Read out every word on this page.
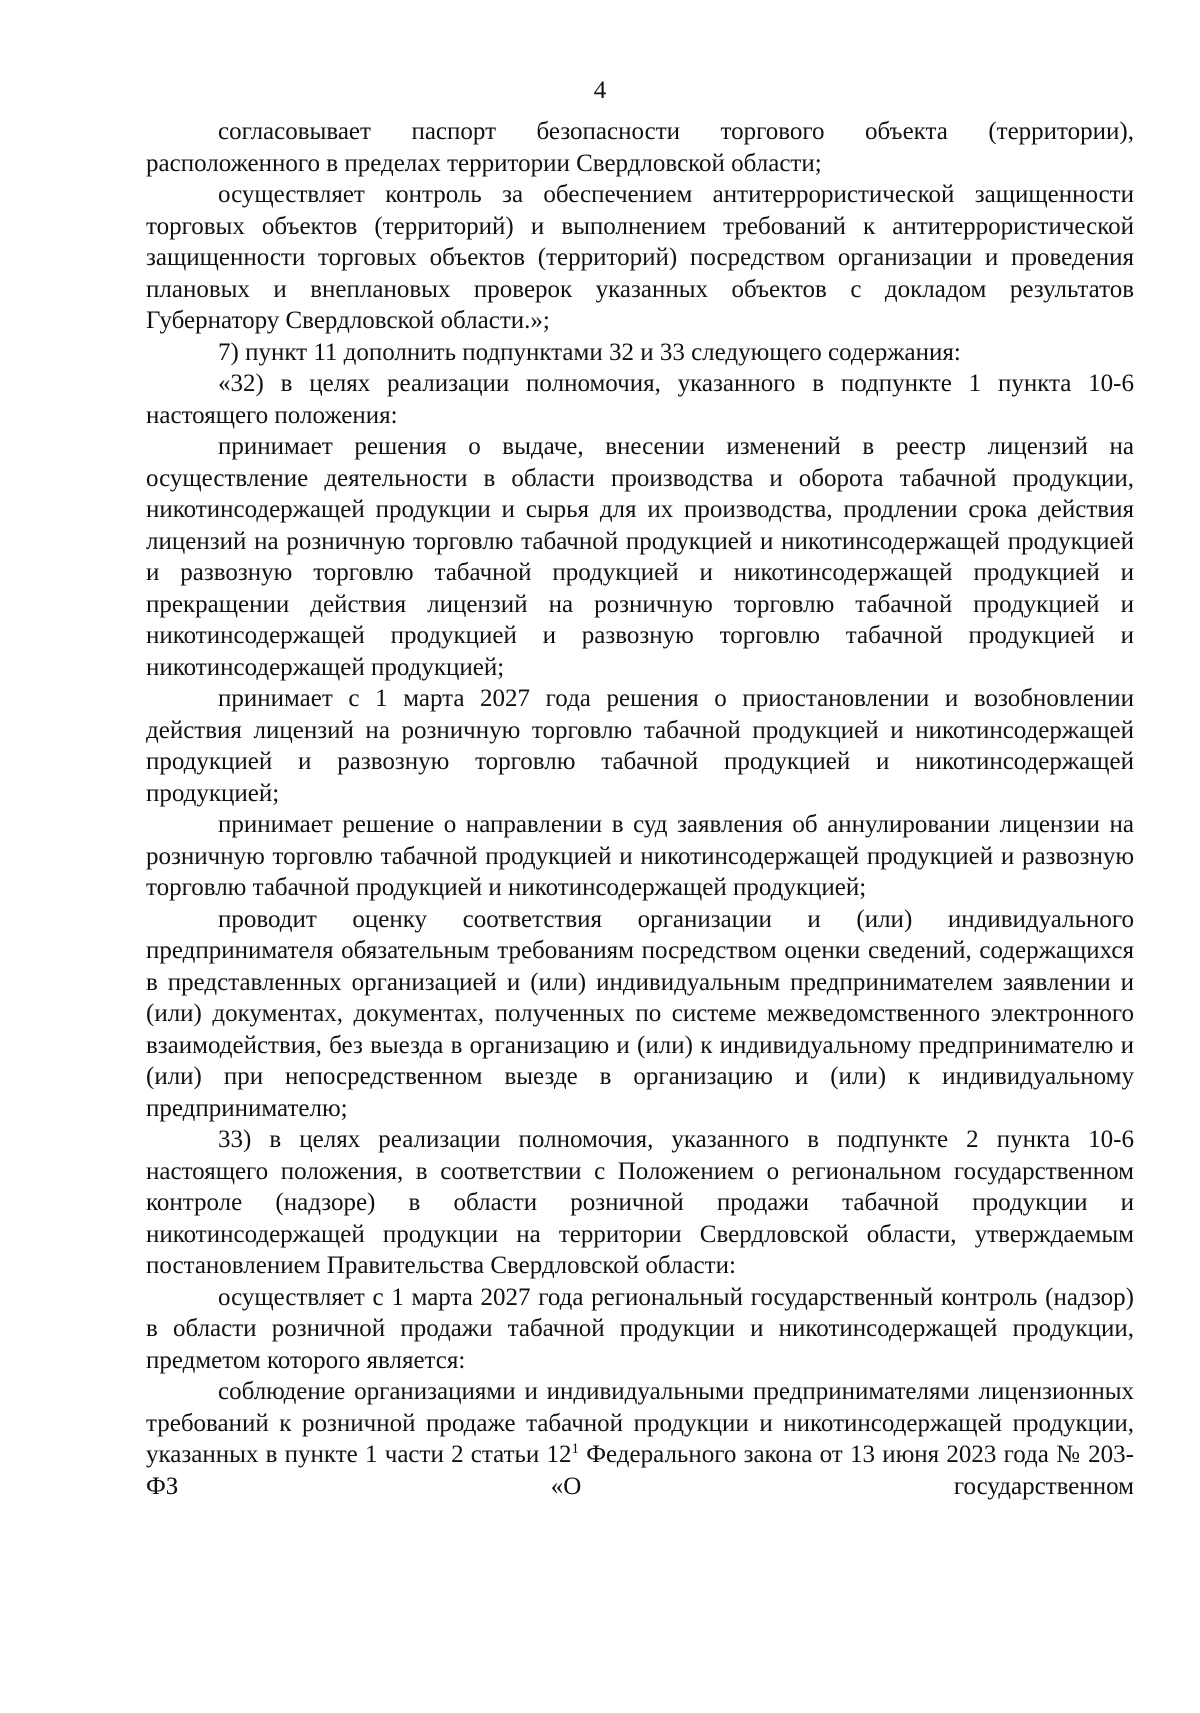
4

согласовывает паспорт безопасности торгового объекта (территории), расположенного в пределах территории Свердловской области;

осуществляет контроль за обеспечением антитеррористической защищенности торговых объектов (территорий) и выполнением требований к антитеррористической защищенности торговых объектов (территорий) посредством организации и проведения плановых и внеплановых проверок указанных объектов с докладом результатов Губернатору Свердловской области.»;

7) пункт 11 дополнить подпунктами 32 и 33 следующего содержания:

«32) в целях реализации полномочия, указанного в подпункте 1 пункта 10-6 настоящего положения:

принимает решения о выдаче, внесении изменений в реестр лицензий на осуществление деятельности в области производства и оборота табачной продукции, никотинсодержащей продукции и сырья для их производства, продлении срока действия лицензий на розничную торговлю табачной продукцией и никотинсодержащей продукцией и развозную торговлю табачной продукцией и никотинсодержащей продукцией и прекращении действия лицензий на розничную торговлю табачной продукцией и никотинсодержащей продукцией и развозную торговлю табачной продукцией и никотинсодержащей продукцией;

принимает с 1 марта 2027 года решения о приостановлении и возобновлении действия лицензий на розничную торговлю табачной продукцией и никотинсодержащей продукцией и развозную торговлю табачной продукцией и никотинсодержащей продукцией;

принимает решение о направлении в суд заявления об аннулировании лицензии на розничную торговлю табачной продукцией и никотинсодержащей продукцией и развозную торговлю табачной продукцией и никотинсодержащей продукцией;

проводит оценку соответствия организации и (или) индивидуального предпринимателя обязательным требованиям посредством оценки сведений, содержащихся в представленных организацией и (или) индивидуальным предпринимателем заявлении и (или) документах, документах, полученных по системе межведомственного электронного взаимодействия, без выезда в организацию и (или) к индивидуальному предпринимателю и (или) при непосредственном выезде в организацию и (или) к индивидуальному предпринимателю;

33) в целях реализации полномочия, указанного в подпункте 2 пункта 10-6 настоящего положения, в соответствии с Положением о региональном государственном контроле (надзоре) в области розничной продажи табачной продукции и никотинсодержащей продукции на территории Свердловской области, утверждаемым постановлением Правительства Свердловской области:

осуществляет с 1 марта 2027 года региональный государственный контроль (надзор) в области розничной продажи табачной продукции и никотинсодержащей продукции, предметом которого является:

соблюдение организациями и индивидуальными предпринимателями лицензионных требований к розничной продаже табачной продукции и никотинсодержащей продукции, указанных в пункте 1 части 2 статьи $12^1$ Федерального закона от 13 июня 2023 года № 203-ФЗ «О государственном
